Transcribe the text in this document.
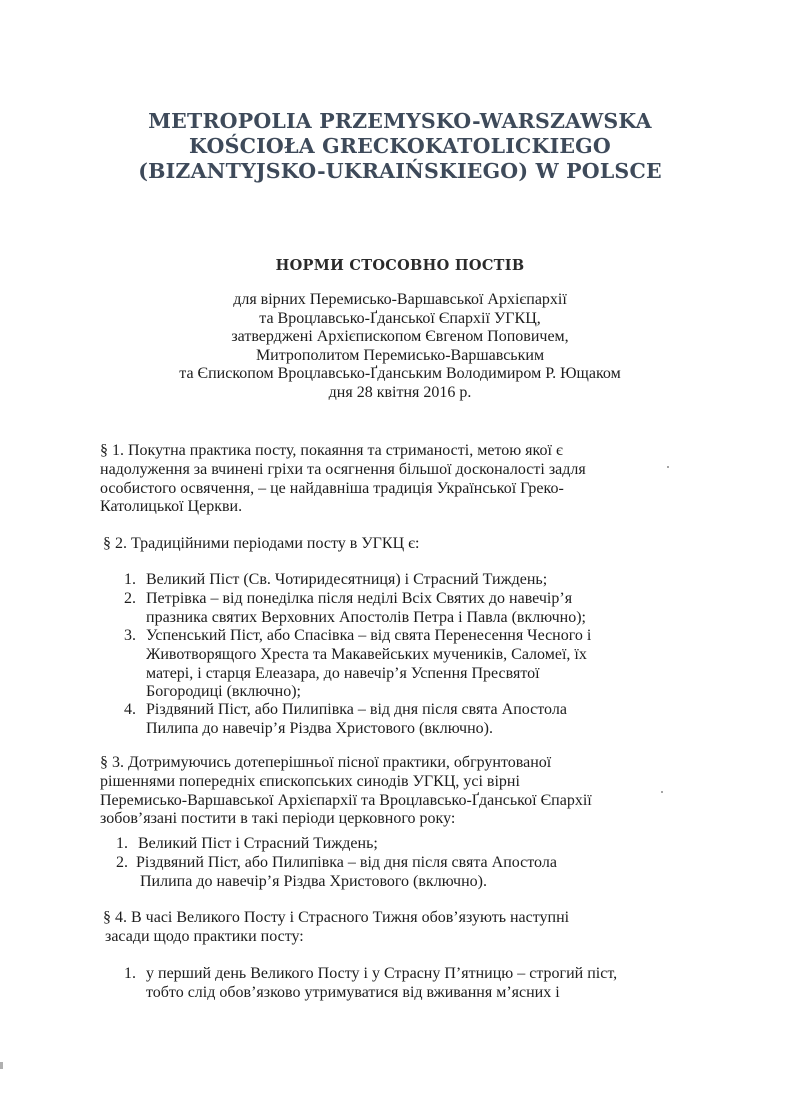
METROPOLIA PRZEMYSKO-WARSZAWSKA
KOŚCIOŁA GRECKOKATOLICKIEGO
(BIZANTYJSKO-UKRAIŃSKIEGO) W POLSCE
НОРМИ СТОСОВНО ПОСТІВ
для вірних Перемисько-Варшавської Архієпархії
та Вроцлавсько-Ґданської Єпархії УГКЦ,
затверджені Архієпископом Євгеном Поповичем,
Митрополитом Перемисько-Варшавським
та Єпископом Вроцлавсько-Ґданським Володимиром Р. Ющаком
дня 28 квітня 2016 р.
§ 1. Покутна практика посту, покаяння та стриманості, метою якої є
надолуження за вчинені гріхи та осягнення більшої досконалості задля
особистого освячення, – це найдавніша традиція Української Греко-
Католицької Церкви.
§ 2. Традиційними періодами посту в УГКЦ є:
1. Великий Піст (Св. Чотиридесятниця) і Страсний Тиждень;
2. Петрівка – від понеділка після неділі Всіх Святих до навечір’я
празника святих Верховних Апостолів Петра і Павла (включно);
3. Успенський Піст, або Спасівка – від свята Перенесення Чесного і
Животворящого Хреста та Макавейських мучеників, Саломеї, їх
матері, і старця Елеазара, до навечір’я Успення Пресвятої
Богородиці (включно);
4. Різдвяний Піст, або Пилипівка – від дня після свята Апостола
Пилипа до навечір’я Різдва Христового (включно).
§ 3. Дотримуючись дотеперішньої пісної практики, обгрунтованої
рішеннями попередніх єпископських синодів УГКЦ, усі вірні
Перемисько-Варшавської Архієпархії та Вроцлавсько-Ґданської Єпархії
зобов’язані постити в такі періоди церковного року:
1. Великий Піст і Страсний Тиждень;
2. Різдвяний Піст, або Пилипівка – від дня після свята Апостола
Пилипа до навечір’я Різдва Христового (включно).
§ 4. В часі Великого Посту і Страсного Тижня обов’язують наступні
засади щодо практики посту:
1. у перший день Великого Посту і у Страсну П’ятницю – строгий піст,
тобто слід обов’язково утримуватися від вживання м’ясних і
